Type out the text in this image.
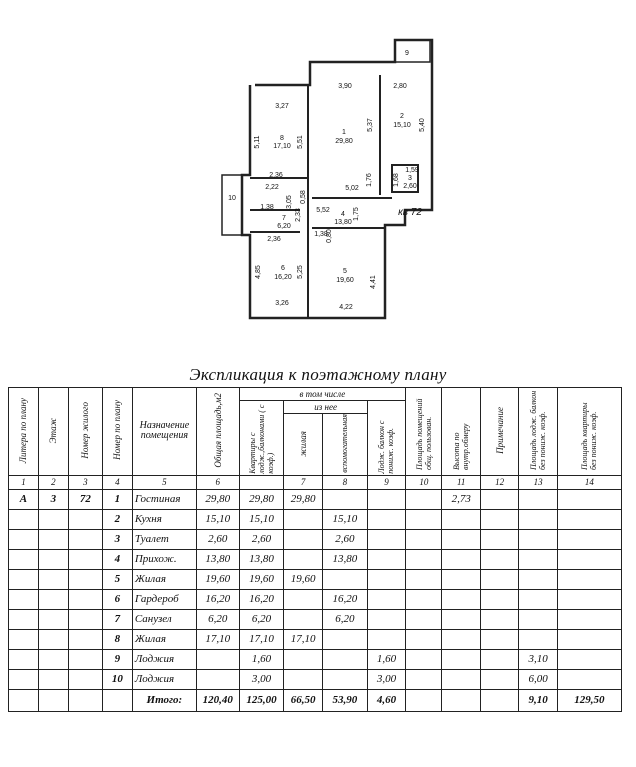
1
29,80
2
15,10
3
2,60
4
13,80
5
19,60
6
16,20
7
6,20
8
17,10
9
10
3,90	2,80
3,27
5,37	5,40
5,11	5,51
1,59
1,68
1,76
2,36
2,22
3,05 0,58
5,02
1,38
2,33 5,52	1,75
1,38
0,80
2,36
4,85	5,25
4,41
3,26
4,22
кв 72
Экспликация к поэтажному плану
Литера по плану	Этаж	Номер жилого	Номер по плану	Назначение помещения	Общая площадь,м2	в том числе				Площадь помещений общ. пользован.	Высота по внутр.обмеру	Примечание	Площадь лодж. балкон без пониж. коэф.	Площадь квартиры без пониж. коэф.
						Квартиры с лодж.,балконами ( с коэф.)	из нее		Лодж. балкон с пониж. коэф.					
							жилая	вспомогательная						
1	2	3	4	5	6		7	8	9	10	11	12	13	14
А	3	72	1	Гостиная	29,80	29,80	29,80				2,73			
			2	Кухня	15,10	15,10		15,10						
			3	Туалет	2,60	2,60		2,60						
			4	Прихож.	13,80	13,80		13,80						
			5	Жилая	19,60	19,60	19,60							
			6	Гардероб	16,20	16,20		16,20						
			7	Санузел	6,20	6,20		6,20						
			8	Жилая	17,10	17,10	17,10							
			9	Лоджия		1,60			1,60				3,10	
			10	Лоджия		3,00			3,00				6,00	
				Итого:	120,40	125,00	66,50	53,90	4,60				9,10	129,50
